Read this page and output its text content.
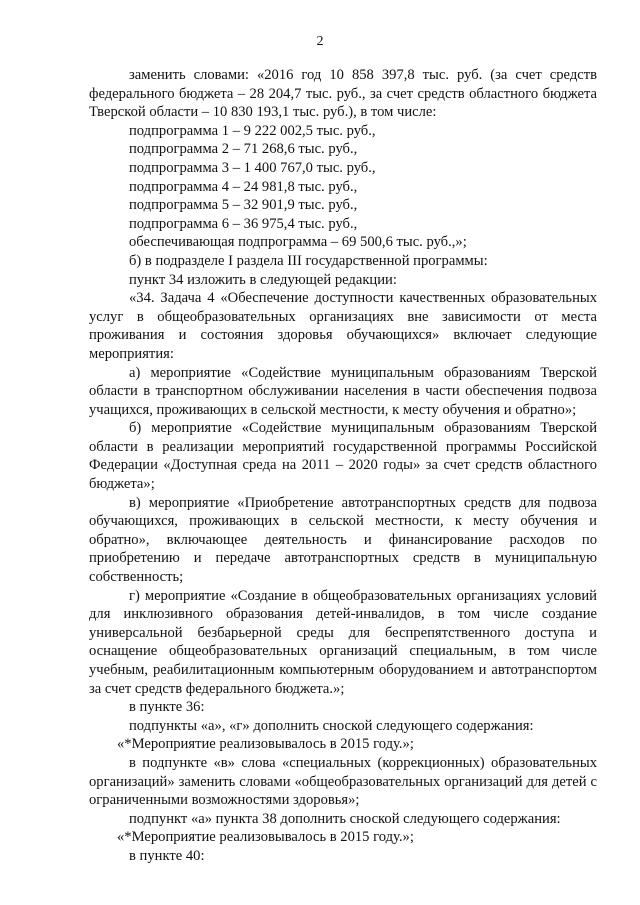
2

заменить словами: «2016 год 10 858 397,8 тыс. руб. (за счет средств федерального бюджета – 28 204,7 тыс. руб., за счет средств областного бюджета Тверской области – 10 830 193,1 тыс. руб.), в том числе:

подпрограмма 1 – 9 222 002,5 тыс. руб.,

подпрограмма 2 – 71 268,6 тыс. руб.,

подпрограмма 3 – 1 400 767,0 тыс. руб.,

подпрограмма 4 – 24 981,8 тыс. руб.,

подпрограмма 5 – 32 901,9 тыс. руб.,

подпрограмма 6 – 36 975,4 тыс. руб.,

обеспечивающая подпрограмма – 69 500,6 тыс. руб.,»;

б) в подразделе I раздела III государственной программы:

пункт 34 изложить в следующей редакции:

«34. Задача 4 «Обеспечение доступности качественных образовательных услуг в общеобразовательных организациях вне зависимости от места проживания и состояния здоровья обучающихся» включает следующие мероприятия:

а) мероприятие «Содействие муниципальным образованиям Тверской области в транспортном обслуживании населения в части обеспечения подвоза учащихся, проживающих в сельской местности, к месту обучения и обратно»;

б) мероприятие «Содействие муниципальным образованиям Тверской области в реализации мероприятий государственной программы Российской Федерации «Доступная среда на 2011 – 2020 годы» за счет средств областного бюджета»;

в) мероприятие «Приобретение автотранспортных средств для подвоза обучающихся, проживающих в сельской местности, к месту обучения и обратно», включающее деятельность и финансирование расходов по приобретению и передаче автотранспортных средств в муниципальную собственность;

г) мероприятие «Создание в общеобразовательных организациях условий для инклюзивного образования детей-инвалидов, в том числе создание универсальной безбарьерной среды для беспрепятственного доступа и оснащение общеобразовательных организаций специальным, в том числе учебным, реабилитационным компьютерным оборудованием и автотранспортом за счет средств федерального бюджета.»;

в пункте 36:

подпункты «а», «г» дополнить сноской следующего содержания:

«*Мероприятие реализовывалось в 2015 году.»;

в подпункте «в» слова «специальных (коррекционных) образовательных организаций» заменить словами «общеобразовательных организаций для детей с ограниченными возможностями здоровья»;

подпункт «а» пункта 38 дополнить сноской следующего содержания:

«*Мероприятие реализовывалось в 2015 году.»;

в пункте 40:
